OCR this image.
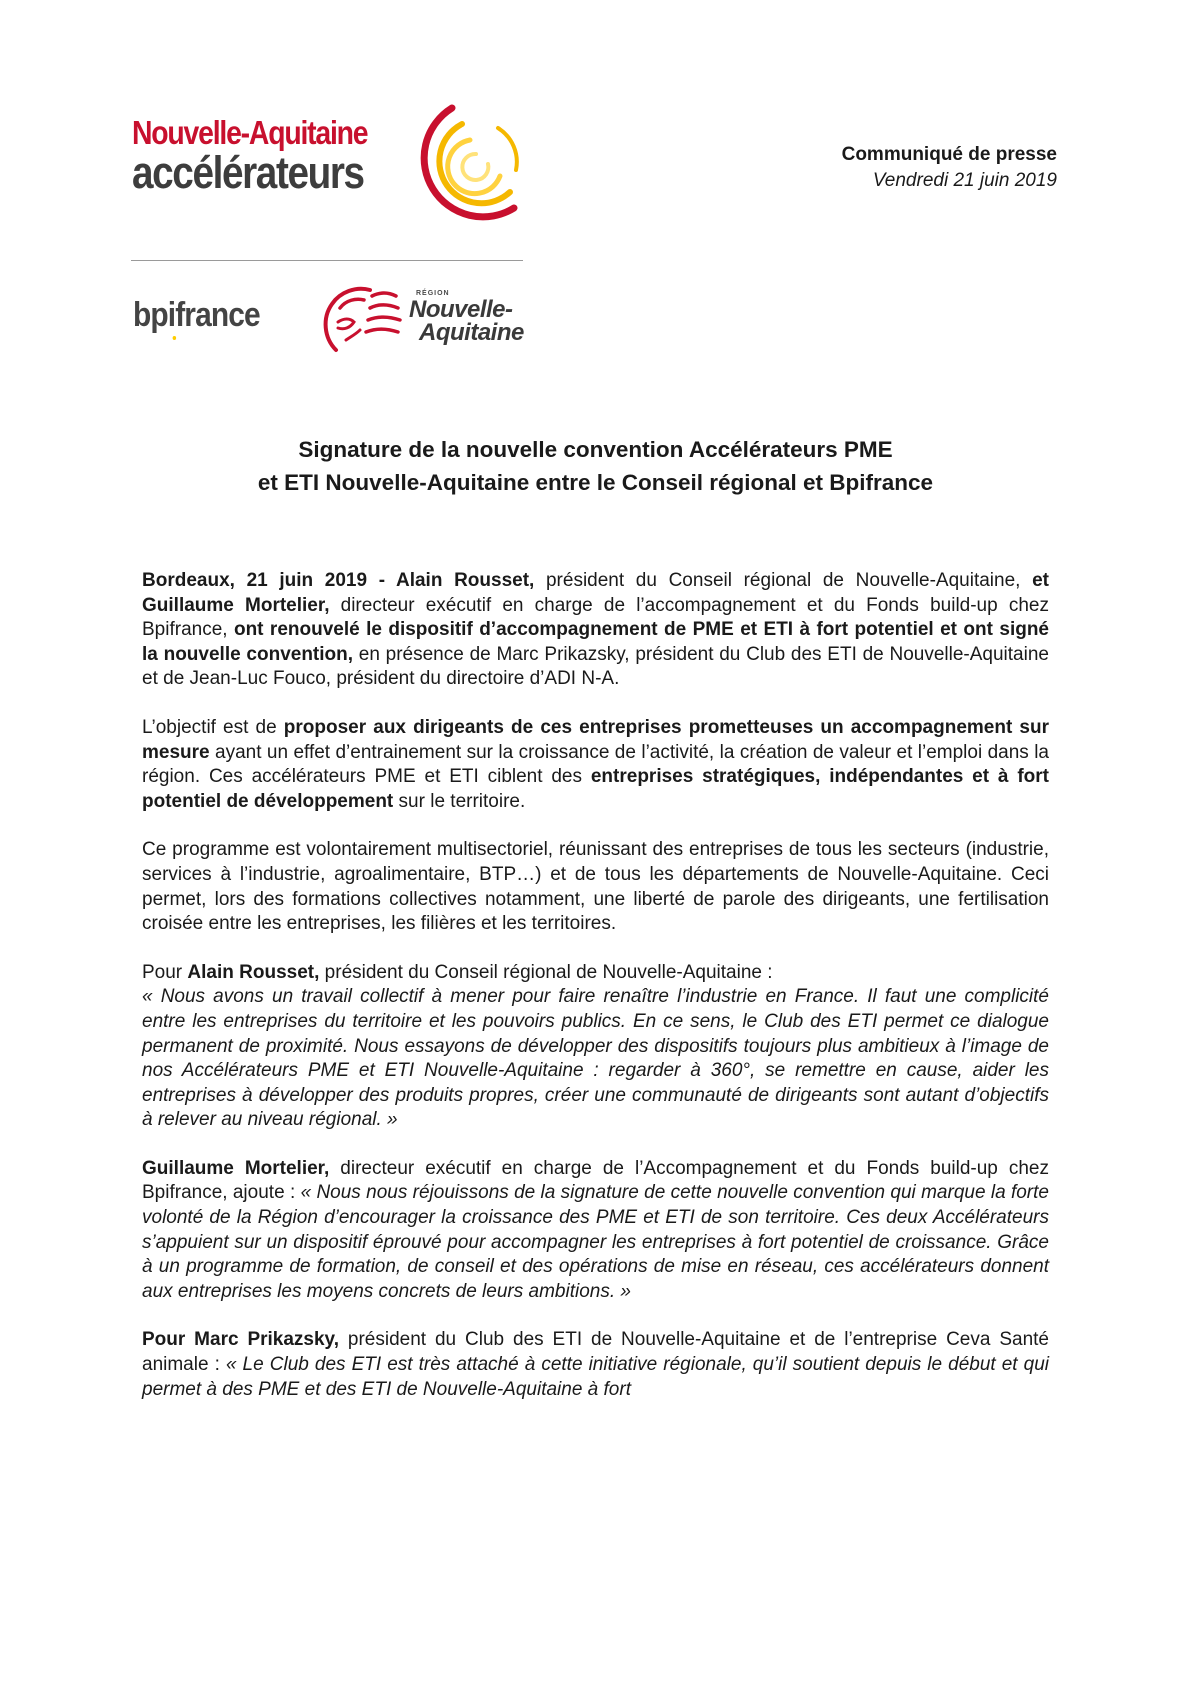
Nouvelle-Aquitaine
accélérateurs
bpifrance
RÉGION
Nouvelle-
Aquitaine
Communiqué de presse
Vendredi 21 juin 2019
Signature de la nouvelle convention Accélérateurs PME
et ETI Nouvelle-Aquitaine entre le Conseil régional et Bpifrance

Bordeaux, 21 juin 2019 - Alain Rousset, président du Conseil régional de Nouvelle-Aquitaine, et Guillaume Mortelier, directeur exécutif en charge de l’accompagnement et du Fonds build-up chez Bpifrance, ont renouvelé le dispositif d’accompagnement de PME et ETI à fort potentiel et ont signé la nouvelle convention, en présence de Marc Prikazsky, président du Club des ETI de Nouvelle-Aquitaine et de Jean-Luc Fouco, président du directoire d’ADI N-A.

L’objectif est de proposer aux dirigeants de ces entreprises prometteuses un accompagnement sur mesure ayant un effet d’entrainement sur la croissance de l’activité, la création de valeur et l’emploi dans la région. Ces accélérateurs PME et ETI ciblent des entreprises stratégiques, indépendantes et à fort potentiel de développement sur le territoire.

Ce programme est volontairement multisectoriel, réunissant des entreprises de tous les secteurs (industrie, services à l’industrie, agroalimentaire, BTP…) et de tous les départements de Nouvelle-Aquitaine. Ceci permet, lors des formations collectives notamment, une liberté de parole des dirigeants, une fertilisation croisée entre les entreprises, les filières et les territoires.

Pour Alain Rousset, président du Conseil régional de Nouvelle-Aquitaine :
« Nous avons un travail collectif à mener pour faire renaître l’industrie en France. Il faut une complicité entre les entreprises du territoire et les pouvoirs publics. En ce sens, le Club des ETI permet ce dialogue permanent de proximité. Nous essayons de développer des dispositifs toujours plus ambitieux à l’image de nos Accélérateurs PME et ETI Nouvelle-Aquitaine : regarder à 360°, se remettre en cause, aider les entreprises à développer des produits propres, créer une communauté de dirigeants sont autant d’objectifs à relever au niveau régional. »

Guillaume Mortelier, directeur exécutif en charge de l’Accompagnement et du Fonds build-up chez Bpifrance, ajoute : « Nous nous réjouissons de la signature de cette nouvelle convention qui marque la forte volonté de la Région d’encourager la croissance des PME et ETI de son territoire. Ces deux Accélérateurs s’appuient sur un dispositif éprouvé pour accompagner les entreprises à fort potentiel de croissance. Grâce à un programme de formation, de conseil et des opérations de mise en réseau, ces accélérateurs donnent aux entreprises les moyens concrets de leurs ambitions. »

Pour Marc Prikazsky, président du Club des ETI de Nouvelle-Aquitaine et de l’entreprise Ceva Santé animale : « Le Club des ETI est très attaché à cette initiative régionale, qu’il soutient depuis le début et qui permet à des PME et des ETI de Nouvelle-Aquitaine à fort
